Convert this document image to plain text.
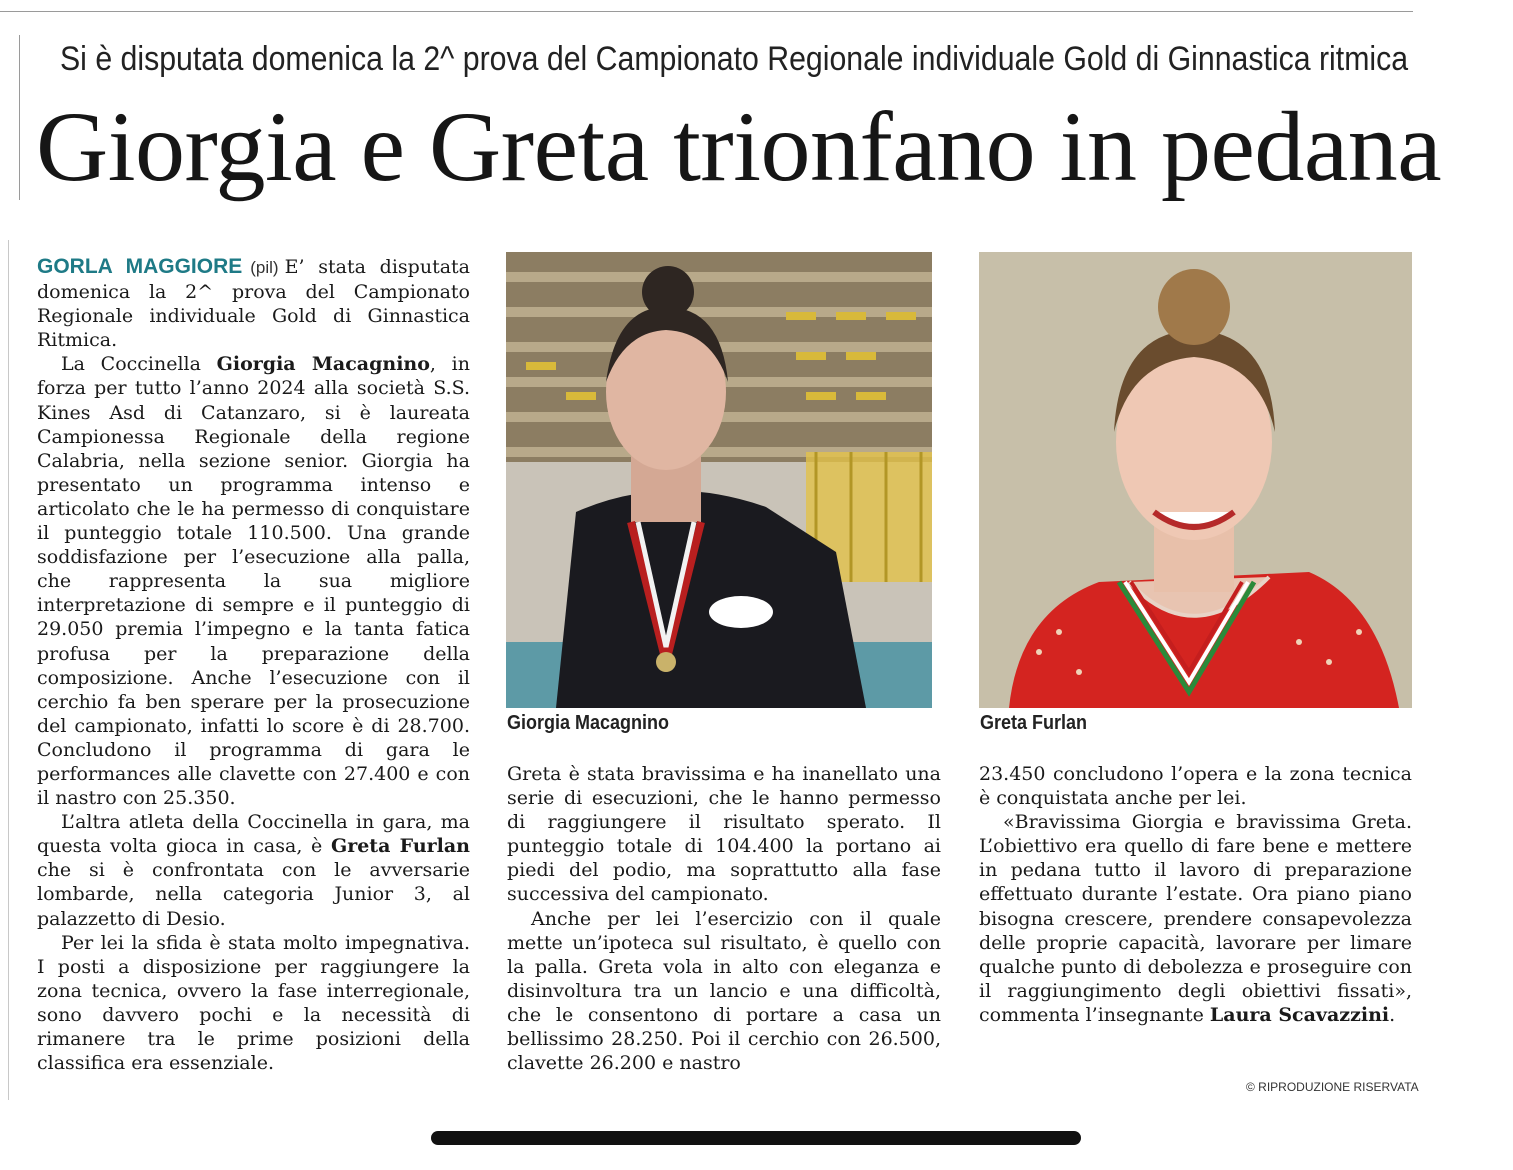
Si è disputata domenica la 2^ prova del Campionato Regionale individuale Gold di Ginnastica ritmica
Giorgia e Greta trionfano in pedana

GORLA MAGGIORE (pil) E’ stata disputata domenica la 2^ prova del Campionato Regionale individuale Gold di Ginnastica Ritmica.

La Coccinella Giorgia Macagnino, in forza per tutto l’anno 2024 alla società S.S. Kines Asd di Catanzaro, si è laureata Campionessa Regionale della regione Calabria, nella sezione senior. Giorgia ha presentato un programma intenso e articolato che le ha permesso di conquistare il punteggio totale 110.500. Una grande soddisfazione per l’esecuzione alla palla, che rappresenta la sua migliore interpretazione di sempre e il punteggio di 29.050 premia l’impegno e la tanta fatica profusa per la preparazione della composizione. Anche l’esecuzione con il cerchio fa ben sperare per la prosecuzione del campionato, infatti lo score è di 28.700. Concludono il programma di gara le performances alle clavette con 27.400 e con il nastro con 25.350.

L’altra atleta della Coccinella in gara, ma questa volta gioca in casa, è Greta Furlan che si è confrontata con le avversarie lombarde, nella categoria Junior 3, al palazzetto di Desio.

Per lei la sfida è stata molto impegnativa. I posti a disposizione per raggiungere la zona tecnica, ovvero la fase interregionale, sono davvero pochi e la necessità di rimanere tra le prime posizioni della classifica era essenziale.

Giorgia Macagnino	Greta Furlan

Greta è stata bravissima e ha inanellato una serie di esecuzioni, che le hanno permesso di raggiungere il risultato sperato. Il punteggio totale di 104.400 la portano ai piedi del podio, ma soprattutto alla fase successiva del campionato.

Anche per lei l’esercizio con il quale mette un’ipoteca sul risultato, è quello con la palla. Greta vola in alto con eleganza e disinvoltura tra un lancio e una difficoltà, che le consentono di portare a casa un bellissimo 28.250. Poi il cerchio con 26.500, clavette 26.200 e nastro

23.450 concludono l’opera e la zona tecnica è conquistata anche per lei.

«Bravissima Giorgia e bravissima Greta. L’obiettivo era quello di fare bene e mettere in pedana tutto il lavoro di preparazione effettuato durante l’estate. Ora piano piano bisogna crescere, prendere consapevolezza delle proprie capacità, lavorare per limare qualche punto di debolezza e proseguire con il raggiungimento degli obiettivi fissati», commenta l’insegnante Laura Scavazzini.

© RIPRODUZIONE RISERVATA
